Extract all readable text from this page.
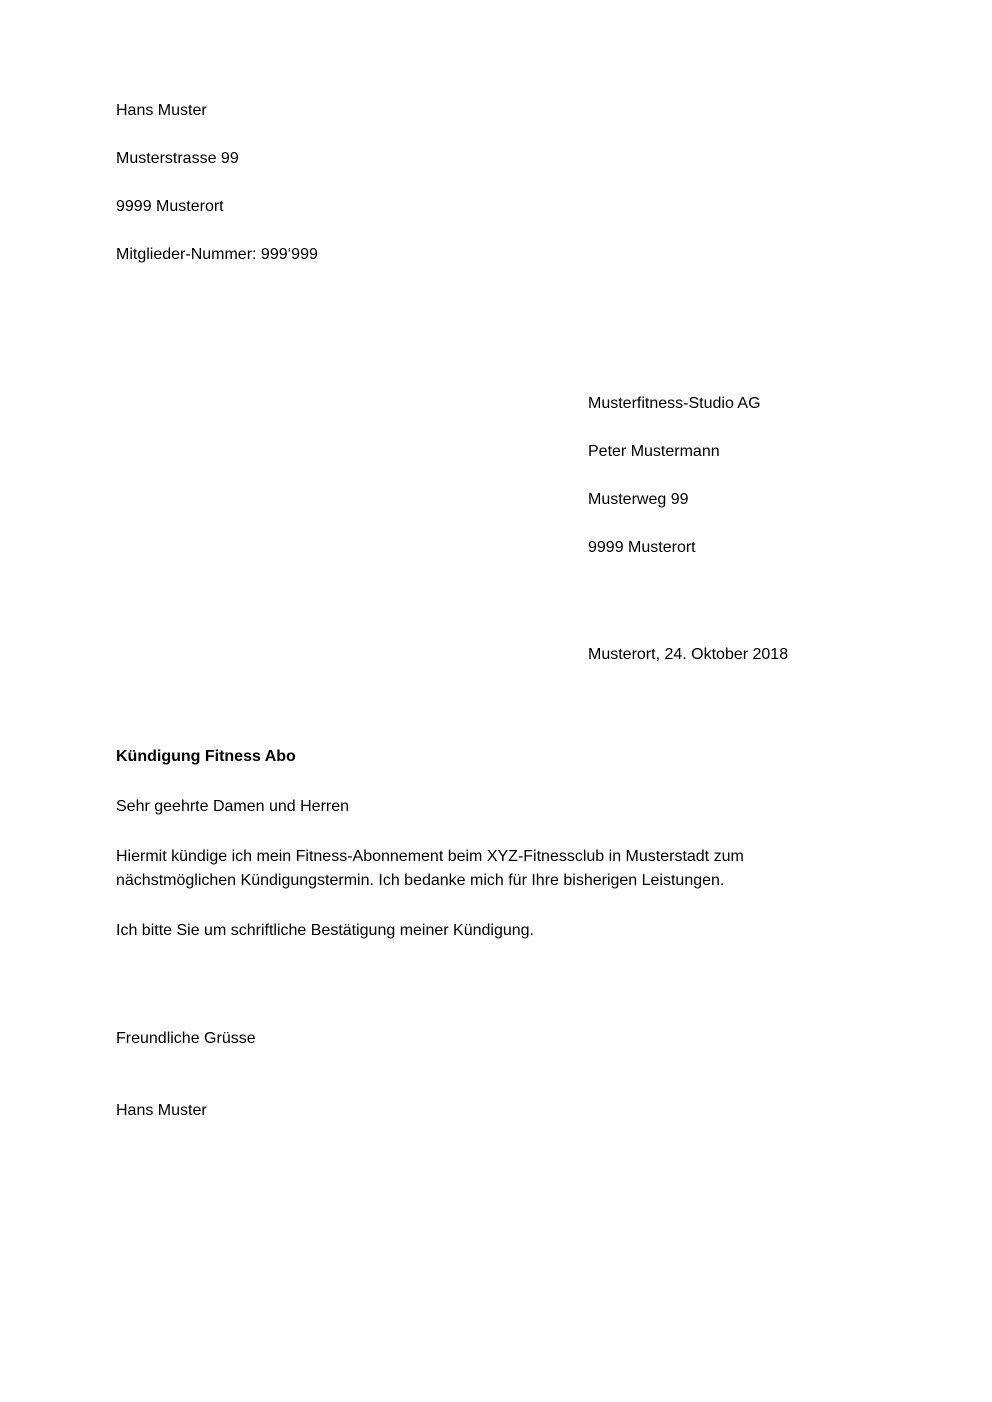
Hans Muster

Musterstrasse 99

9999 Musterort

Mitglieder-Nummer: 999‘999

Musterfitness-Studio AG

Peter Mustermann

Musterweg 99

9999 Musterort

Musterort, 24. Oktober 2018
Kündigung Fitness Abo
Sehr geehrte Damen und Herren
Hiermit kündige ich mein Fitness-Abonnement beim XYZ-Fitnessclub in Musterstadt zum nächstmöglichen Kündigungstermin. Ich bedanke mich für Ihre bisherigen Leistungen.
Ich bitte Sie um schriftliche Bestätigung meiner Kündigung.
Freundliche Grüsse
Hans Muster
